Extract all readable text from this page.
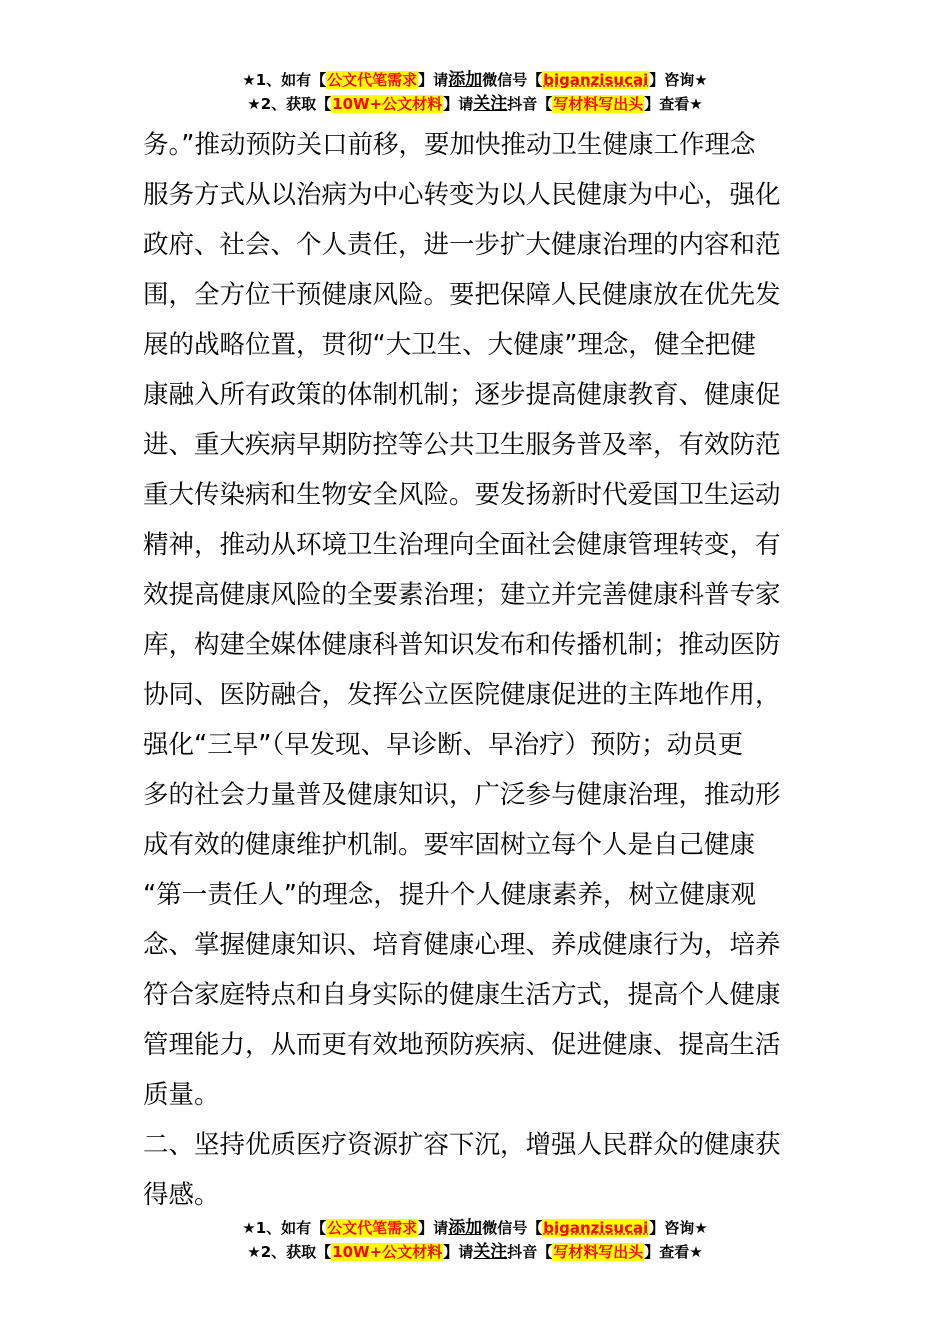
★1、如有【公文代笔需求】请添加微信号【biganzisucai】咨询★
★2、获取【10W+公文材料】请关注抖音【写材料写出头】查看★
务。”推动预防关口前移，要加快推动卫生健康工作理念
服务方式从以治病为中心转变为以人民健康为中心，强化
政府、社会、个人责任，进一步扩大健康治理的内容和范
围，全方位干预健康风险。要把保障人民健康放在优先发
展的战略位置，贯彻“大卫生、大健康”理念，健全把健
康融入所有政策的体制机制；逐步提高健康教育、健康促
进、重大疾病早期防控等公共卫生服务普及率，有效防范
重大传染病和生物安全风险。要发扬新时代爱国卫生运动
精神，推动从环境卫生治理向全面社会健康管理转变，有
效提高健康风险的全要素治理；建立并完善健康科普专家
库，构建全媒体健康科普知识发布和传播机制；推动医防
协同、医防融合，发挥公立医院健康促进的主阵地作用，
强化“三早”（早发现、早诊断、早治疗）预防；动员更
多的社会力量普及健康知识，广泛参与健康治理，推动形
成有效的健康维护机制。要牢固树立每个人是自己健康
“第一责任人”的理念，提升个人健康素养，树立健康观
念、掌握健康知识、培育健康心理、养成健康行为，培养
符合家庭特点和自身实际的健康生活方式，提高个人健康
管理能力，从而更有效地预防疾病、促进健康、提高生活
质量。
二、坚持优质医疗资源扩容下沉，增强人民群众的健康获
得感。
★1、如有【公文代笔需求】请添加微信号【biganzisucai】咨询★
★2、获取【10W+公文材料】请关注抖音【写材料写出头】查看★
